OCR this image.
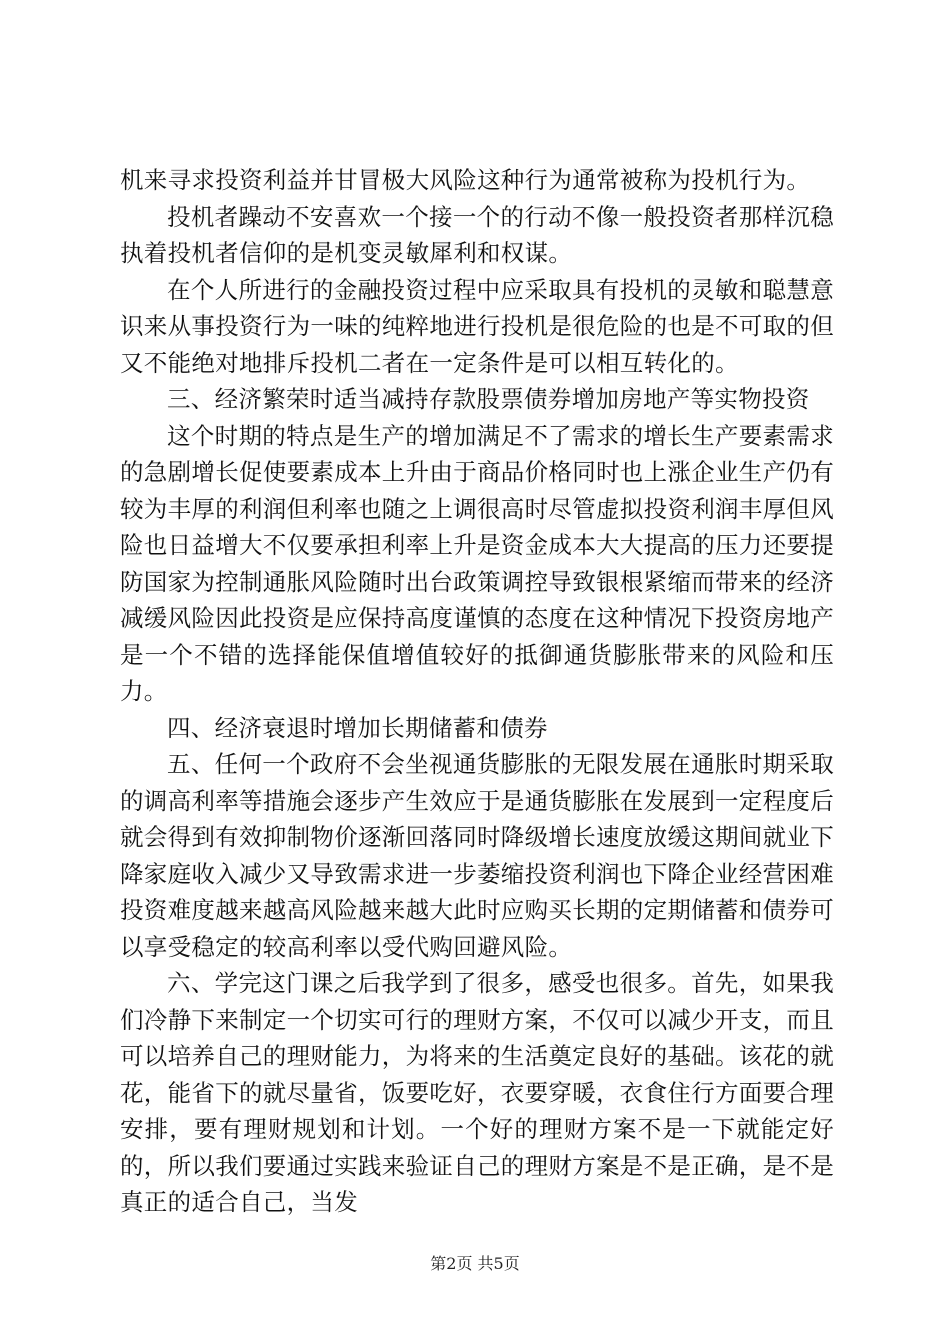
机来寻求投资利益并甘冒极大风险这种行为通常被称为投机行为。

投机者躁动不安喜欢一个接一个的行动不像一般投资者那样沉稳执着投机者信仰的是机变灵敏犀利和权谋。

在个人所进行的金融投资过程中应采取具有投机的灵敏和聪慧意识来从事投资行为一味的纯粹地进行投机是很危险的也是不可取的但又不能绝对地排斥投机二者在一定条件是可以相互转化的。

三、经济繁荣时适当减持存款股票债券增加房地产等实物投资

这个时期的特点是生产的增加满足不了需求的增长生产要素需求的急剧增长促使要素成本上升由于商品价格同时也上涨企业生产仍有较为丰厚的利润但利率也随之上调很高时尽管虚拟投资利润丰厚但风险也日益增大不仅要承担利率上升是资金成本大大提高的压力还要提防国家为控制通胀风险随时出台政策调控导致银根紧缩而带来的经济减缓风险因此投资是应保持高度谨慎的态度在这种情况下投资房地产是一个不错的选择能保值增值较好的抵御通货膨胀带来的风险和压力。

四、经济衰退时增加长期储蓄和债券

五、任何一个政府不会坐视通货膨胀的无限发展在通胀时期采取的调高利率等措施会逐步产生效应于是通货膨胀在发展到一定程度后就会得到有效抑制物价逐渐回落同时降级增长速度放缓这期间就业下降家庭收入减少又导致需求进一步萎缩投资利润也下降企业经营困难投资难度越来越高风险越来越大此时应购买长期的定期储蓄和债券可以享受稳定的较高利率以受代购回避风险。

六、学完这门课之后我学到了很多，感受也很多。首先，如果我们冷静下来制定一个切实可行的理财方案，不仅可以减少开支，而且可以培养自己的理财能力，为将来的生活奠定良好的基础。该花的就花，能省下的就尽量省，饭要吃好，衣要穿暖，衣食住行方面要合理安排，要有理财规划和计划。一个好的理财方案不是一下就能定好的，所以我们要通过实践来验证自己的理财方案是不是正确，是不是真正的适合自己，当发

第2页 共5页
